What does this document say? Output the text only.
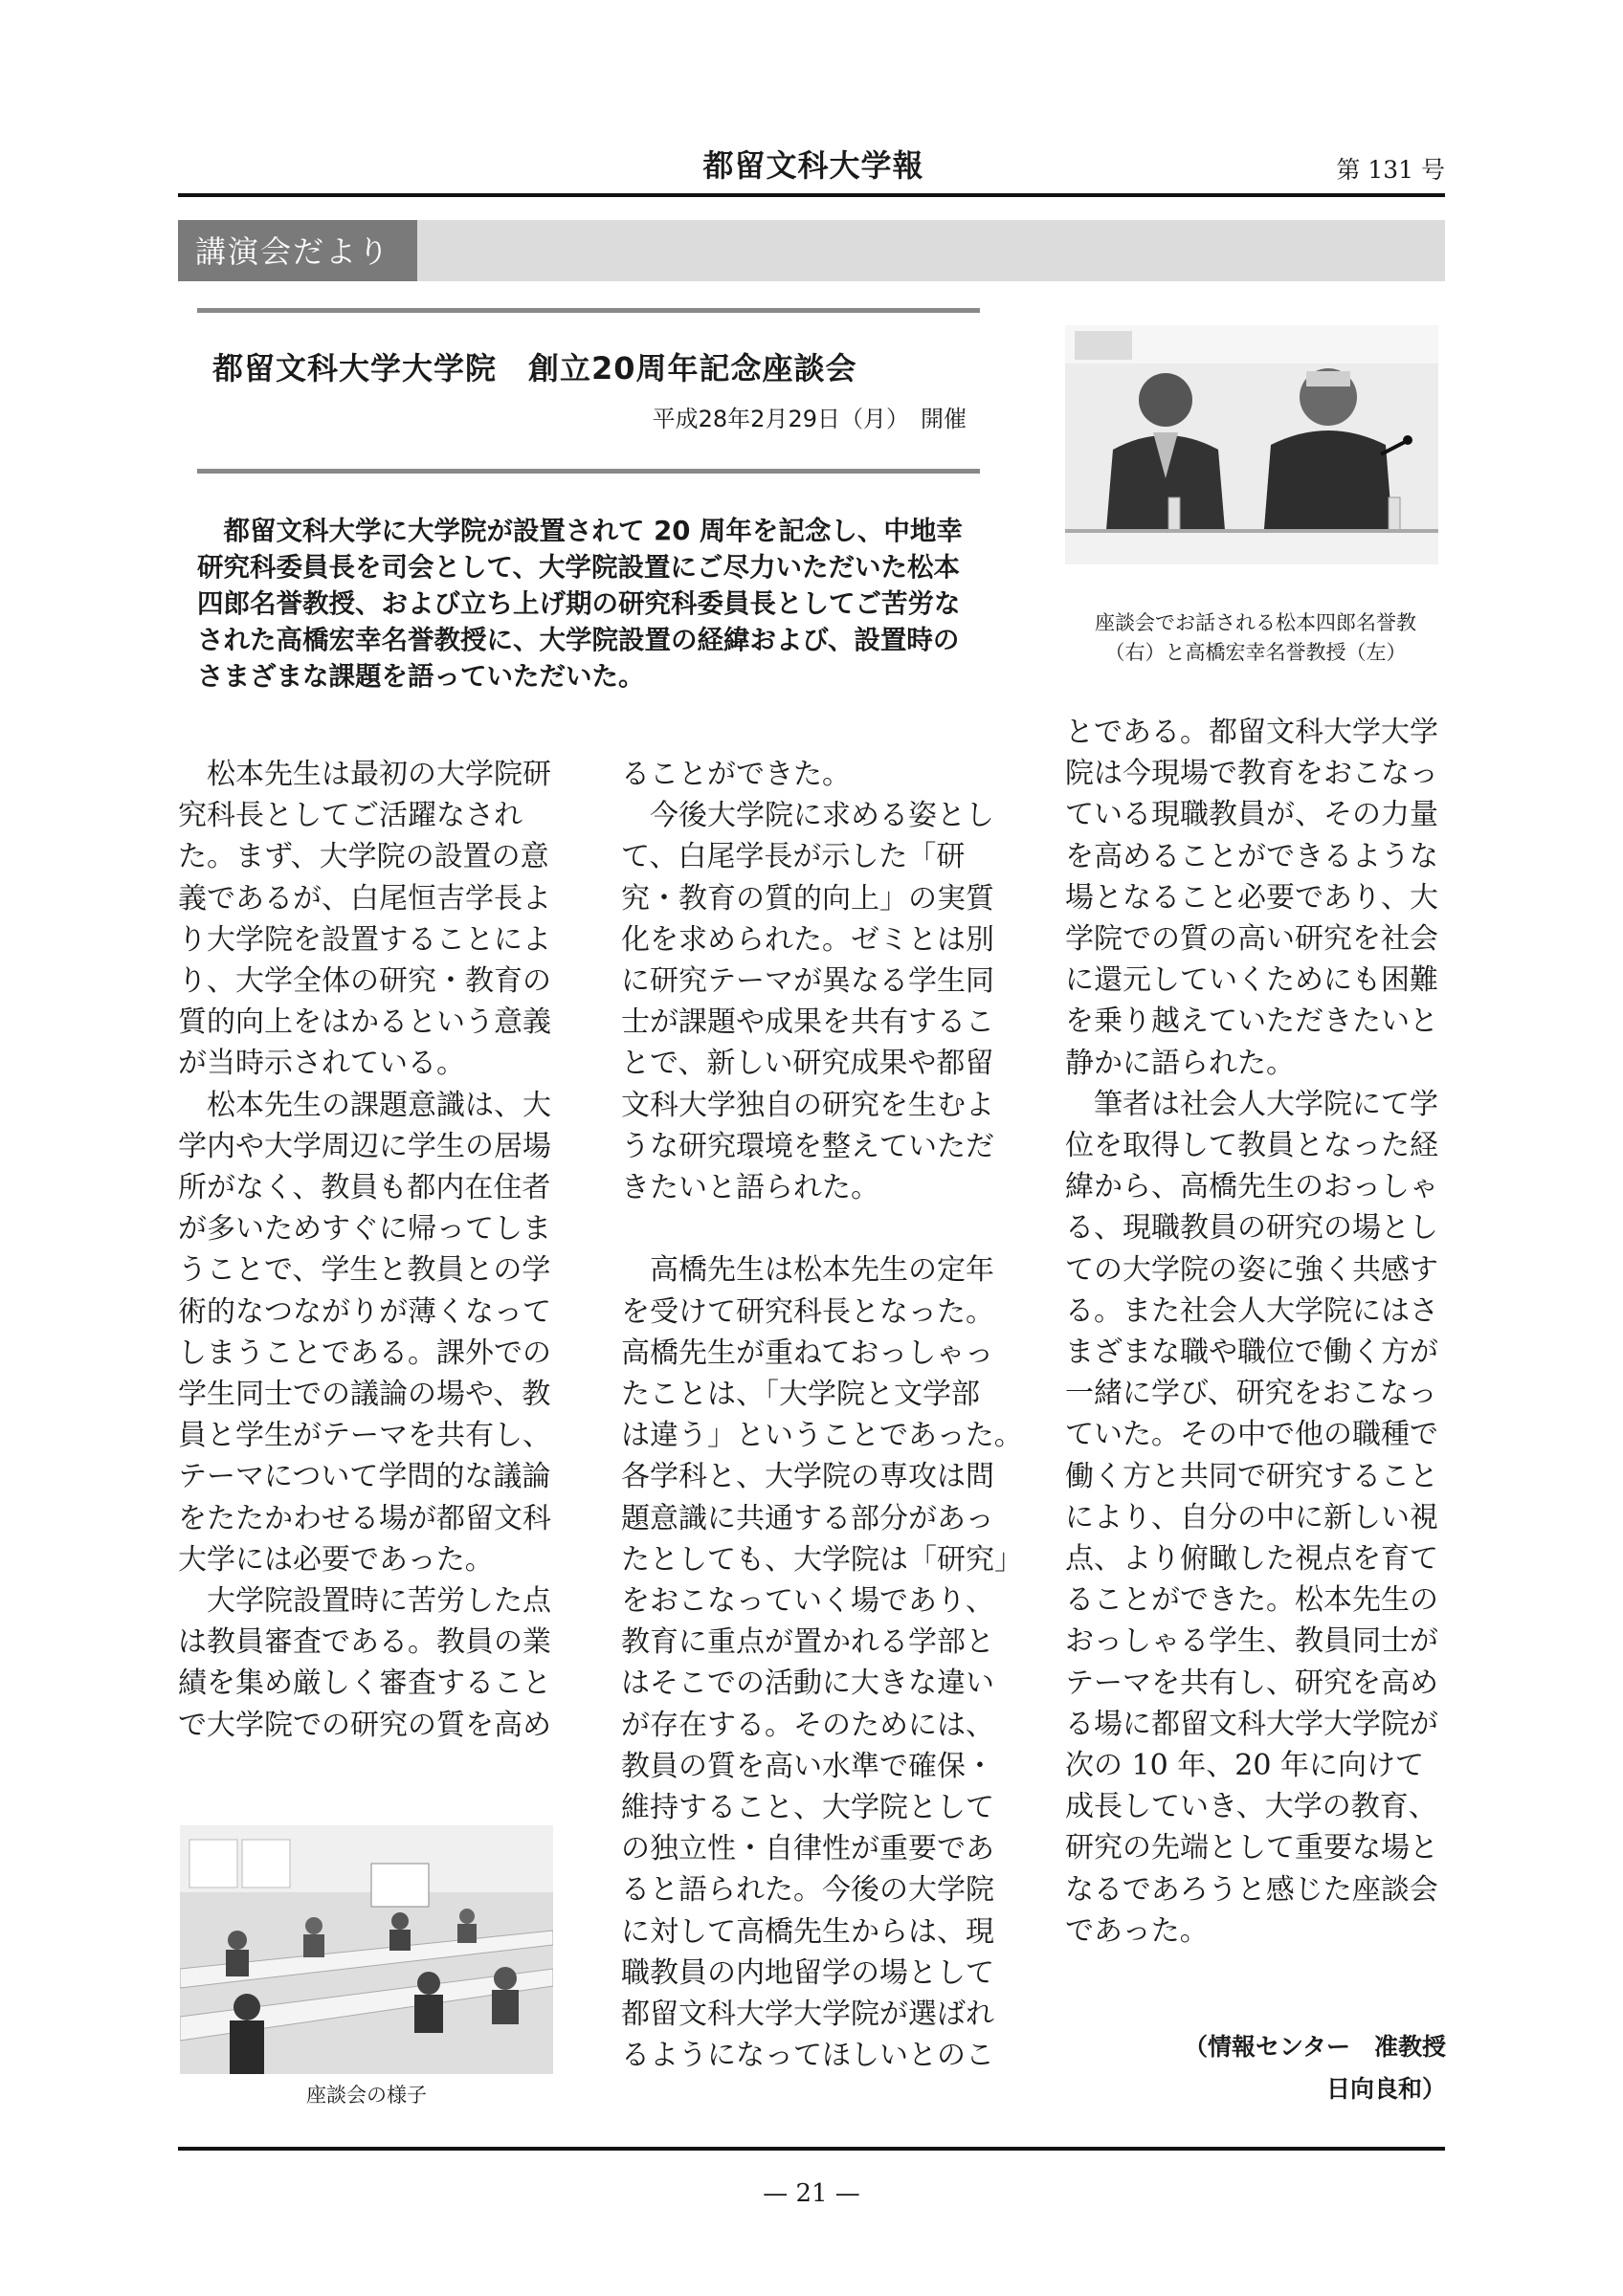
都留文科大学報	第 131 号
講演会だより
都留文科大学大学院　創立20周年記念座談会
平成28年2月29日（月）　開催
　都留文科大学に大学院が設置されて 20 周年を記念し、中地幸研究科委員長を司会として、大学院設置にご尽力いただいた松本四郎名誉教授、および立ち上げ期の研究科委員長としてご苦労なされた高橋宏幸名誉教授に、大学院設置の経緯および、設置時のさまざまな課題を語っていただいた。
座談会でお話される松本四郎名誉教
（右）と高橋宏幸名誉教授（左）
　松本先生は最初の大学院研
究科長としてご活躍なされ
た。まず、大学院の設置の意
義であるが、白尾恒吉学長よ
り大学院を設置することによ
り、大学全体の研究・教育の
質的向上をはかるという意義
が当時示されている。
　松本先生の課題意識は、大
学内や大学周辺に学生の居場
所がなく、教員も都内在住者
が多いためすぐに帰ってしま
うことで、学生と教員との学
術的なつながりが薄くなって
しまうことである。課外での
学生同士での議論の場や、教
員と学生がテーマを共有し、
テーマについて学問的な議論
をたたかわせる場が都留文科
大学には必要であった。
　大学院設置時に苦労した点
は教員審査である。教員の業
績を集め厳しく審査すること
で大学院での研究の質を高め
ることができた。
　今後大学院に求める姿とし
て、白尾学長が示した「研
究・教育の質的向上」の実質
化を求められた。ゼミとは別
に研究テーマが異なる学生同
士が課題や成果を共有するこ
とで、新しい研究成果や都留
文科大学独自の研究を生むよ
うな研究環境を整えていただ
きたいと語られた。

　高橋先生は松本先生の定年
を受けて研究科長となった。
高橋先生が重ねておっしゃっ
たことは、「大学院と文学部
は違う」ということであった。
各学科と、大学院の専攻は問
題意識に共通する部分があっ
たとしても、大学院は「研究」
をおこなっていく場であり、
教育に重点が置かれる学部と
はそこでの活動に大きな違い
が存在する。そのためには、
教員の質を高い水準で確保・
維持すること、大学院として
の独立性・自律性が重要であ
ると語られた。今後の大学院
に対して高橋先生からは、現
職教員の内地留学の場として
都留文科大学大学院が選ばれ
るようになってほしいとのこ
とである。都留文科大学大学
院は今現場で教育をおこなっ
ている現職教員が、その力量
を高めることができるような
場となること必要であり、大
学院での質の高い研究を社会
に還元していくためにも困難
を乗り越えていただきたいと
静かに語られた。
　筆者は社会人大学院にて学
位を取得して教員となった経
緯から、高橋先生のおっしゃ
る、現職教員の研究の場とし
ての大学院の姿に強く共感す
る。また社会人大学院にはさ
まざまな職や職位で働く方が
一緒に学び、研究をおこなっ
ていた。その中で他の職種で
働く方と共同で研究すること
により、自分の中に新しい視
点、より俯瞰した視点を育て
ることができた。松本先生の
おっしゃる学生、教員同士が
テーマを共有し、研究を高め
る場に都留文科大学大学院が
次の 10 年、20 年に向けて
成長していき、大学の教育、
研究の先端として重要な場と
なるであろうと感じた座談会
であった。
座談会の様子
（情報センター　准教授
日向良和）
— 21 —
